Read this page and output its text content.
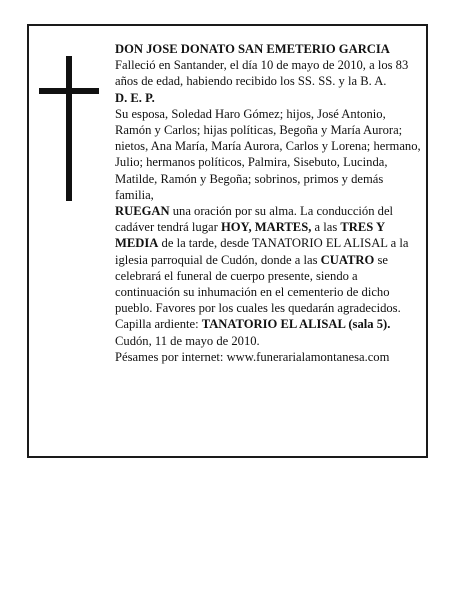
DON JOSE DONATO SAN EMETERIO GARCIA

Falleció en Santander, el día 10 de mayo de 2010, a los 83 años de edad, habiendo recibido los SS. SS. y la B. A.

D. E. P.

Su esposa, Soledad Haro Gómez; hijos, José Antonio, Ramón y Carlos; hijas políticas, Begoña y María Aurora; nietos, Ana María, María Aurora, Carlos y Lorena; hermano, Julio; hermanos políticos, Palmira, Sisebuto, Lucinda, Matilde, Ramón y Begoña; sobrinos, primos y demás familia,

RUEGAN una oración por su alma. La conducción del cadáver tendrá lugar HOY, MARTES, a las TRES Y MEDIA de la tarde, desde TANATORIO EL ALISAL a la iglesia parroquial de Cudón, donde a las CUATRO se celebrará el funeral de cuerpo presente, siendo a continuación su inhumación en el cementerio de dicho pueblo. Favores por los cuales les quedarán agradecidos. Capilla ardiente: TANATORIO EL ALISAL (sala 5).

Cudón, 11 de mayo de 2010.

Pésames por internet: www.funerarialamontanesa.com
